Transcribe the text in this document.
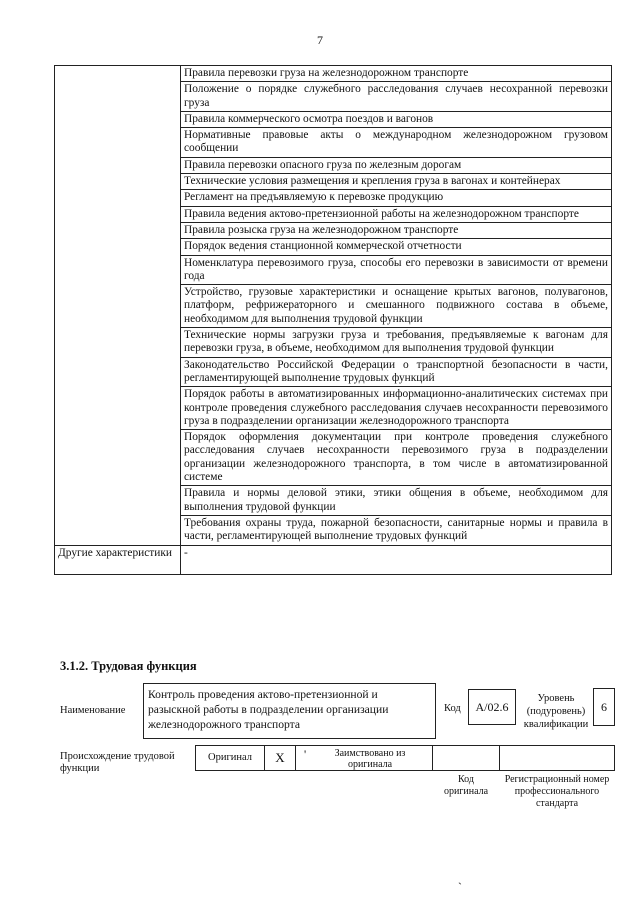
7
	Правила перевозки груза на железнодорожном транспорте
	Положение о порядке служебного расследования случаев несохранной перевозки груза
	Правила коммерческого осмотра поездов и вагонов
	Нормативные правовые акты о международном железнодорожном грузовом сообщении
	Правила перевозки опасного груза по железным дорогам
	Технические условия размещения и крепления груза в вагонах и контейнерах
	Регламент на предъявляемую к перевозке продукцию
	Правила ведения актово-претензионной работы на железнодорожном транспорте
	Правила розыска груза на железнодорожном транспорте
	Порядок ведения станционной коммерческой отчетности
	Номенклатура перевозимого груза, способы его перевозки в зависимости от времени года
	Устройство, грузовые характеристики и оснащение крытых вагонов, полувагонов, платформ, рефрижераторного и смешанного подвижного состава в объеме, необходимом для выполнения трудовой функции
	Технические нормы загрузки груза и требования, предъявляемые к вагонам для перевозки груза, в объеме, необходимом для выполнения трудовой функции
	Законодательство Российской Федерации о транспортной безопасности в части, регламентирующей выполнение трудовых функций
	Порядок работы в автоматизированных информационно-аналитических системах при контроле проведения служебного расследования случаев несохранности перевозимого груза в подразделении организации железнодорожного транспорта
	Порядок оформления документации при контроле проведения служебного расследования случаев несохранности перевозимого груза в подразделении организации железнодорожного транспорта, в том числе в автоматизированной системе
	Правила и нормы деловой этики, этики общения в объеме, необходимом для выполнения трудовой функции
	Требования охраны труда, пожарной безопасности, санитарные нормы и правила в части, регламентирующей выполнение трудовых функций
Другие характеристики	-
3.1.2. Трудовая функция
Наименование
Контроль проведения актово-претензионной и разыскной работы в подразделении организации железнодорожного транспорта
Код	А/02.6
Уровень (подуровень) квалификации
6
Происхождение трудовой функции
Оригинал	X	'	Заимствовано из оригинала
Код оригинала
Регистрационный номер профессионального стандарта
`
